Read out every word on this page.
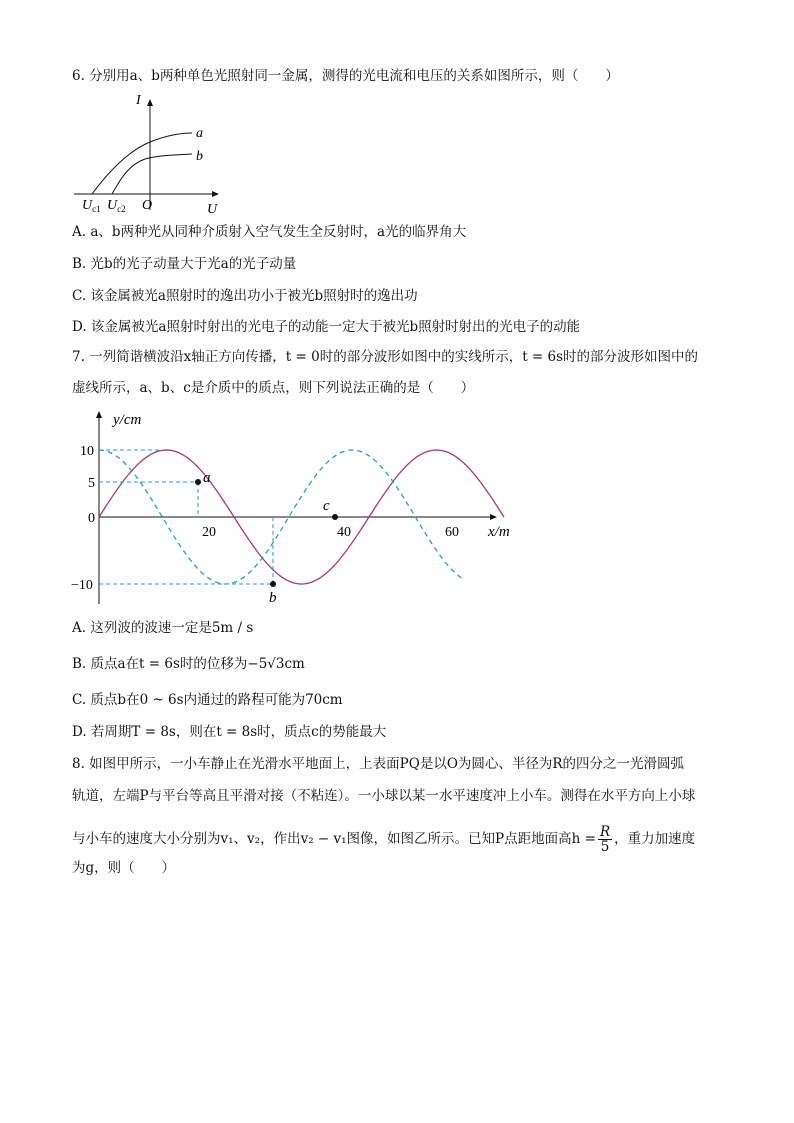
6. 分别用a、b两种单色光照射同一金属，测得的光电流和电压的关系如图所示，则（　　）
I
a
b
U
O
$U_{c1}$ $U_{c2}$
A. a、b两种光从同种介质射入空气发生全反射时，a光的临界角大
B. 光b的光子动量大于光a的光子动量
C. 该金属被光a照射时的逸出功小于被光b照射时的逸出功
D. 该金属被光a照射时射出的光电子的动能一定大于被光b照射时射出的光电子的动能
7. 一列简谐横波沿x轴正方向传播，t = 0时的部分波形如图中的实线所示，t = 6s时的部分波形如图中的
虚线所示，a、b、c是介质中的质点，则下列说法正确的是（　　）
y/cm
x/m
10
5
0
−10
20	40	60
a
b
c
A. 这列波的波速一定是5m / s
B. 质点a在t = 6s时的位移为−5√3cm
C. 质点b在0 ~ 6s内通过的路程可能为70cm
D. 若周期T = 8s，则在t = 8s时，质点c的势能最大
8. 如图甲所示，一小车静止在光滑水平地面上，上表面PQ是以O为圆心、半径为R的四分之一光滑圆弧
轨道，左端P与平台等高且平滑对接（不粘连）。一小球以某一水平速度冲上小车。测得在水平方向上小球
与小车的速度大小分别为v₁、v₂，作出v₂ − v₁图像，如图乙所示。已知P点距地面高$h = \frac{R}{5}$ ，重力加速度
为g，则（　　）
